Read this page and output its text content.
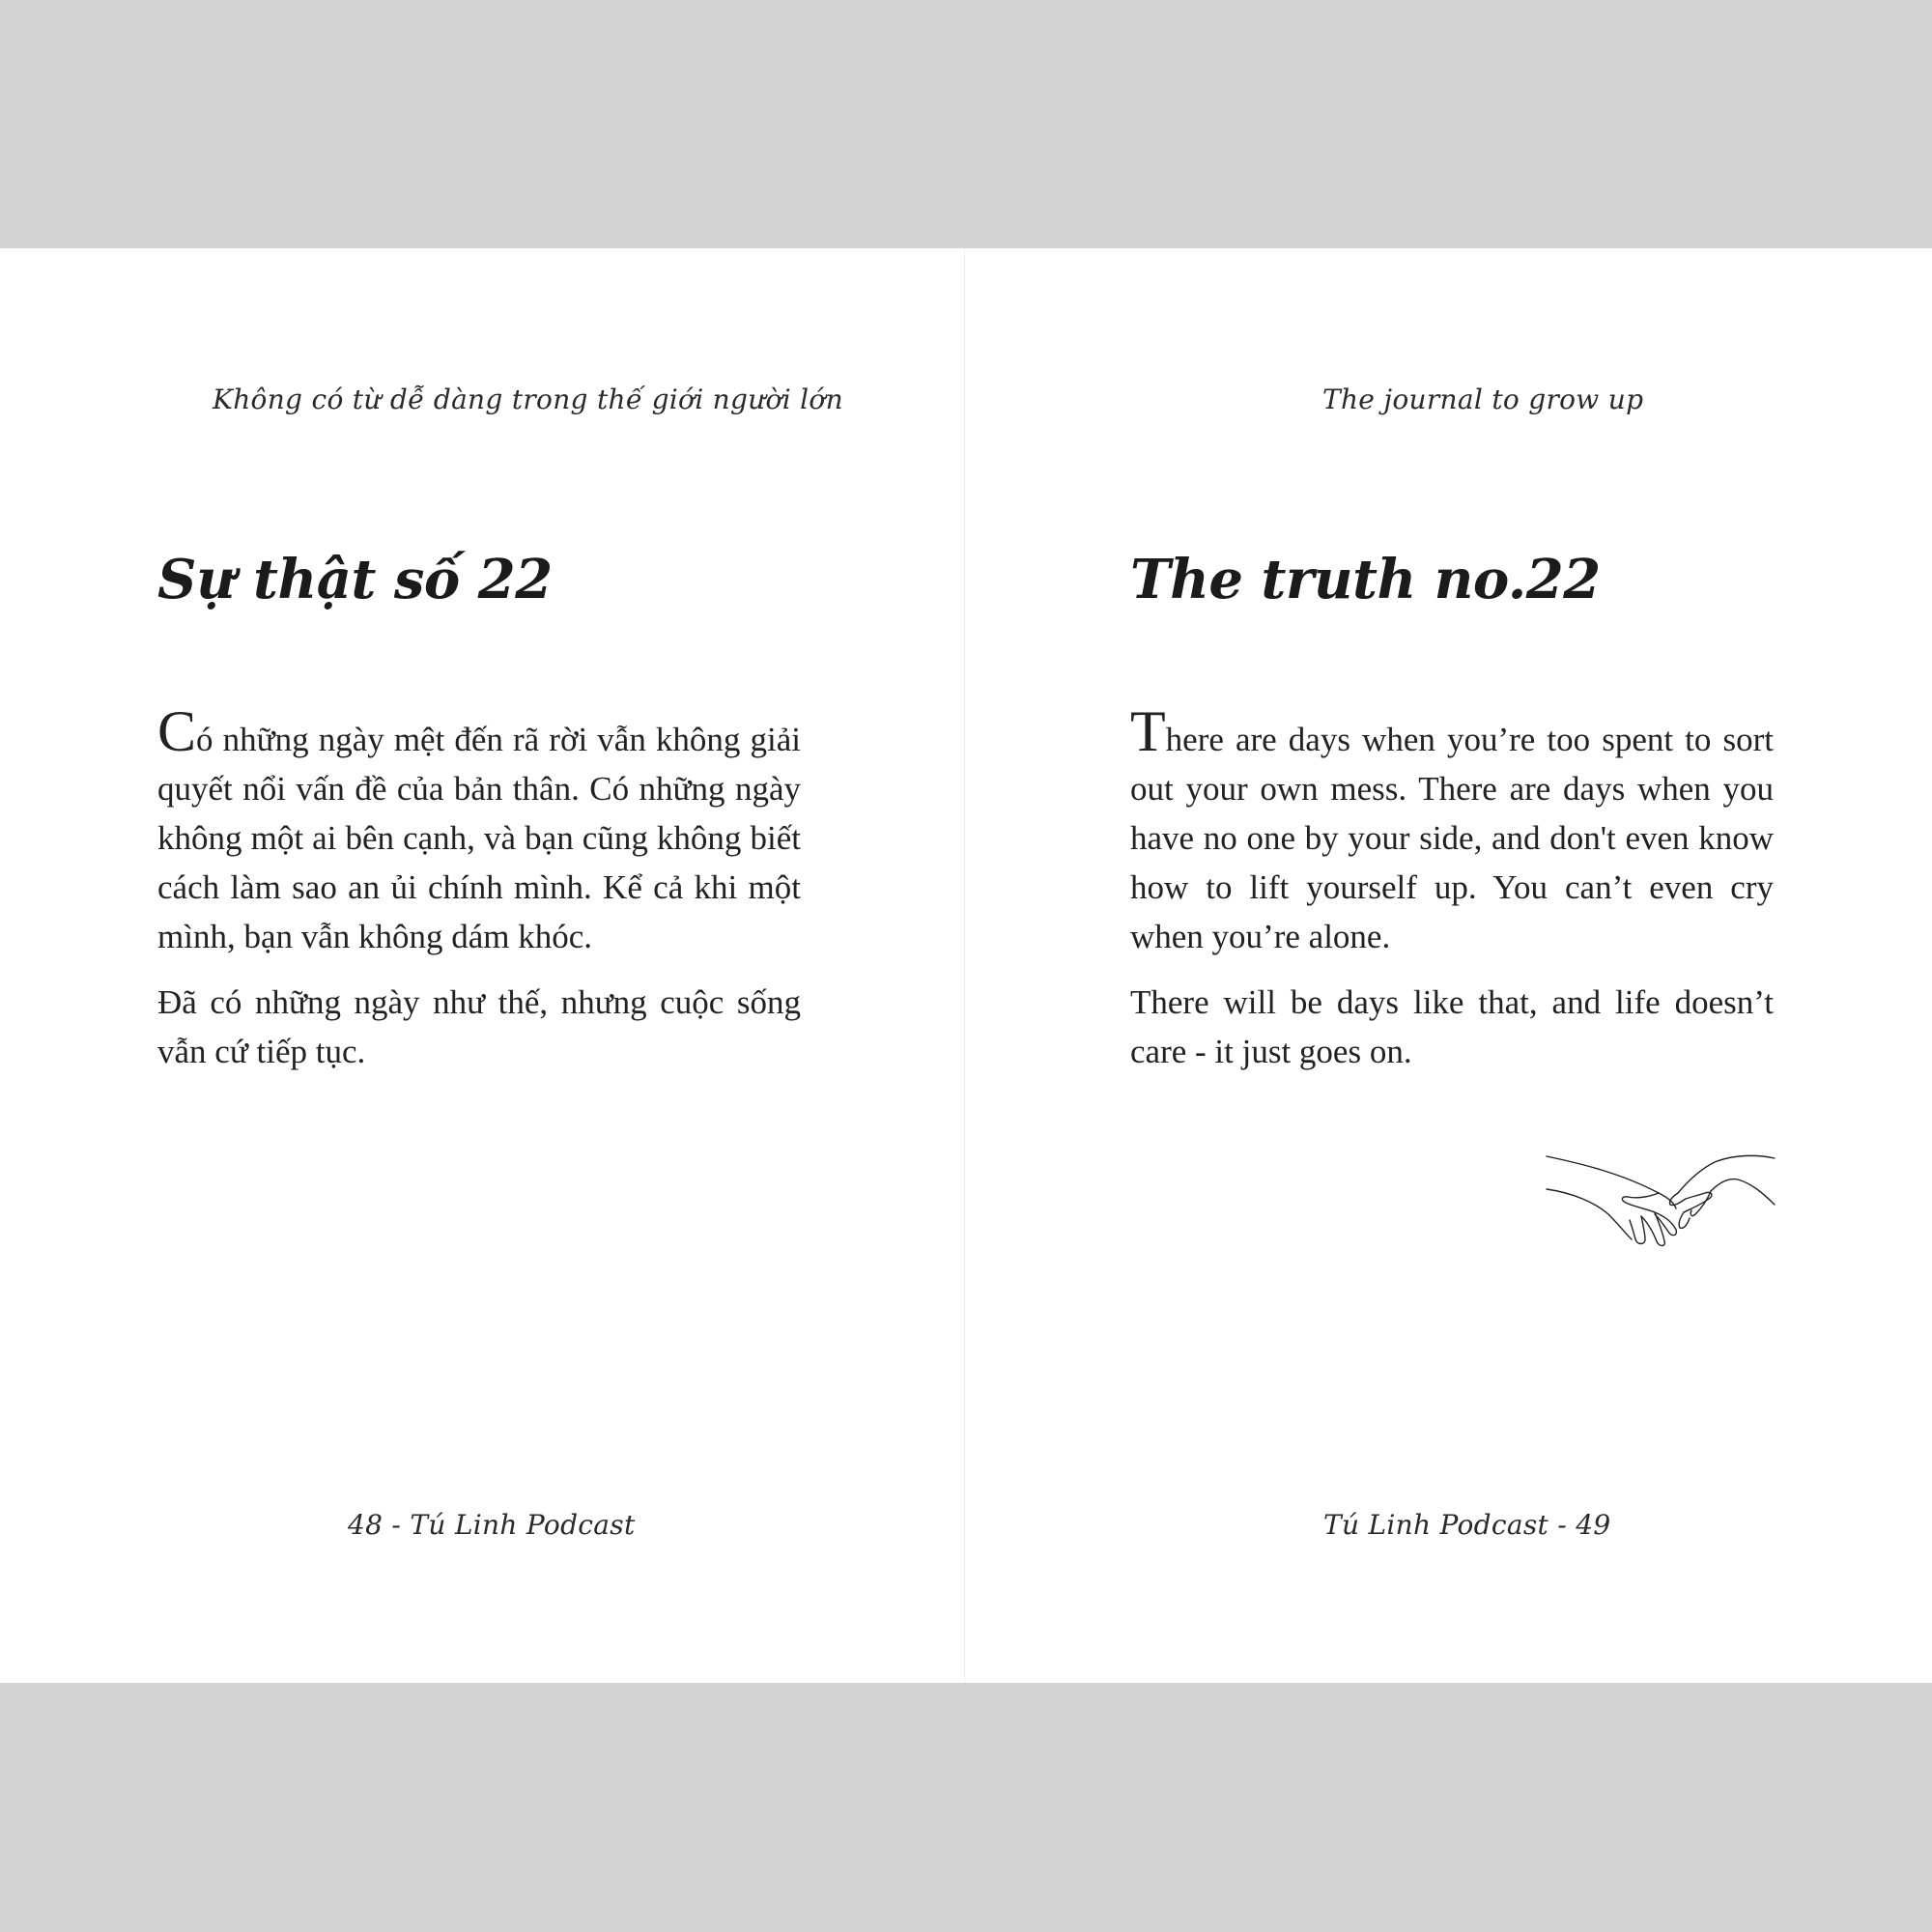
Không có từ dễ dàng trong thế giới người lớn
Sự thật số 22

Có những ngày mệt đến rã rời vẫn không giải quyết nổi vấn đề của bản thân. Có những ngày không một ai bên cạnh, và bạn cũng không biết cách làm sao an ủi chính mình. Kể cả khi một mình, bạn vẫn không dám khóc.

Đã có những ngày như thế, nhưng cuộc sống vẫn cứ tiếp tục.

48 - Tú Linh Podcast
The journal to grow up
The truth no.22

There are days when you’re too spent to sort out your own mess. There are days when you have no one by your side, and don't even know how to lift yourself up. You can’t even cry when you’re alone.

There will be days like that, and life doesn’t care - it just goes on.

Tú Linh Podcast - 49
